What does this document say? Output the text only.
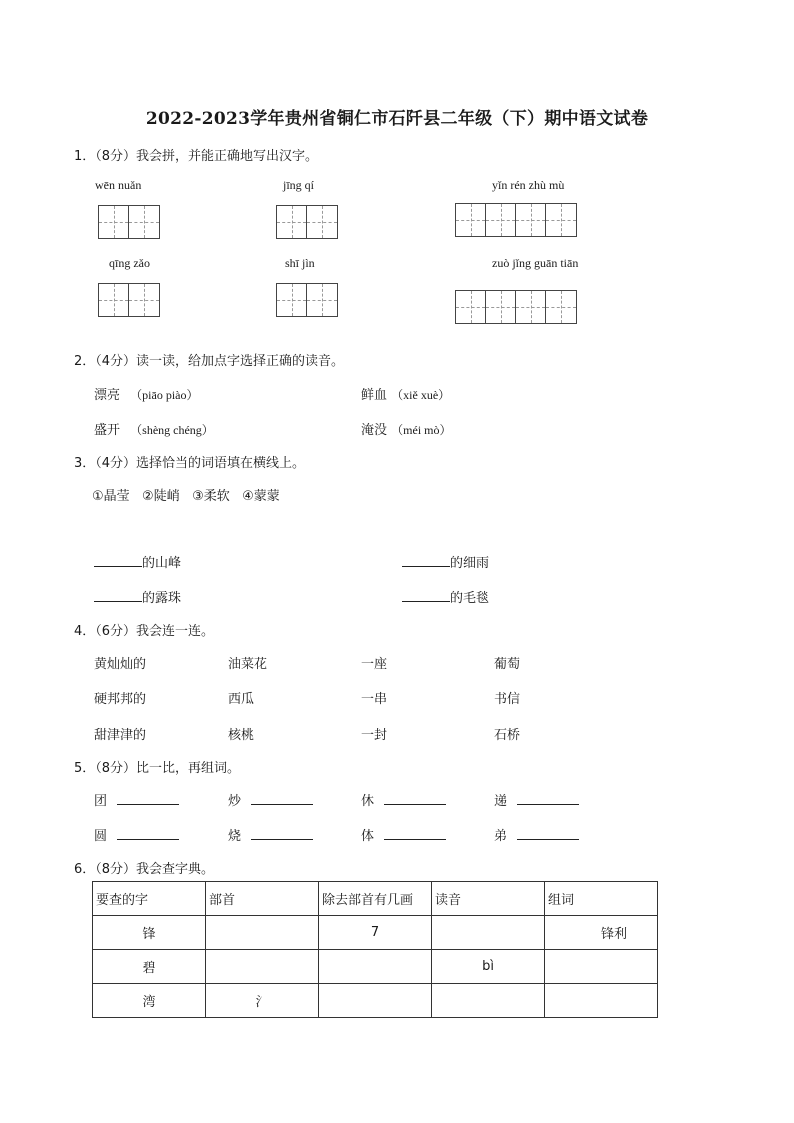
2022-2023学年贵州省铜仁市石阡县二年级（下）期中语文试卷
1．（8分）我会拼，并能正确地写出汉字。
wēn nuǎn	jīng qí	yǐn rén zhù mù
qīng zǎo	shī jìn	zuò jǐng guān tiān
2．（4分）读一读，给加点字选择正确的读音。
漂亮 （piāo piào）	鲜血 （xiě xuè）
盛开 （shèng chéng）	淹没 （méi mò）
3．（4分）选择恰当的词语填在横线上。
①晶莹   ②陡峭   ③柔软   ④蒙蒙
的山峰	的细雨
的露珠	的毛毯
4．（6分）我会连一连。
黄灿灿的	油菜花	一座	葡萄
硬邦邦的	西瓜	一串	书信
甜津津的	核桃	一封	石桥
5．（8分）比一比，再组词。
团	炒	休	递
圆	烧	体	弟
6．（8分）我会查字典。
要查的字	部首	除去部首有几画	读音	组词
锋		7		锋利
碧			bì	
湾	氵			
